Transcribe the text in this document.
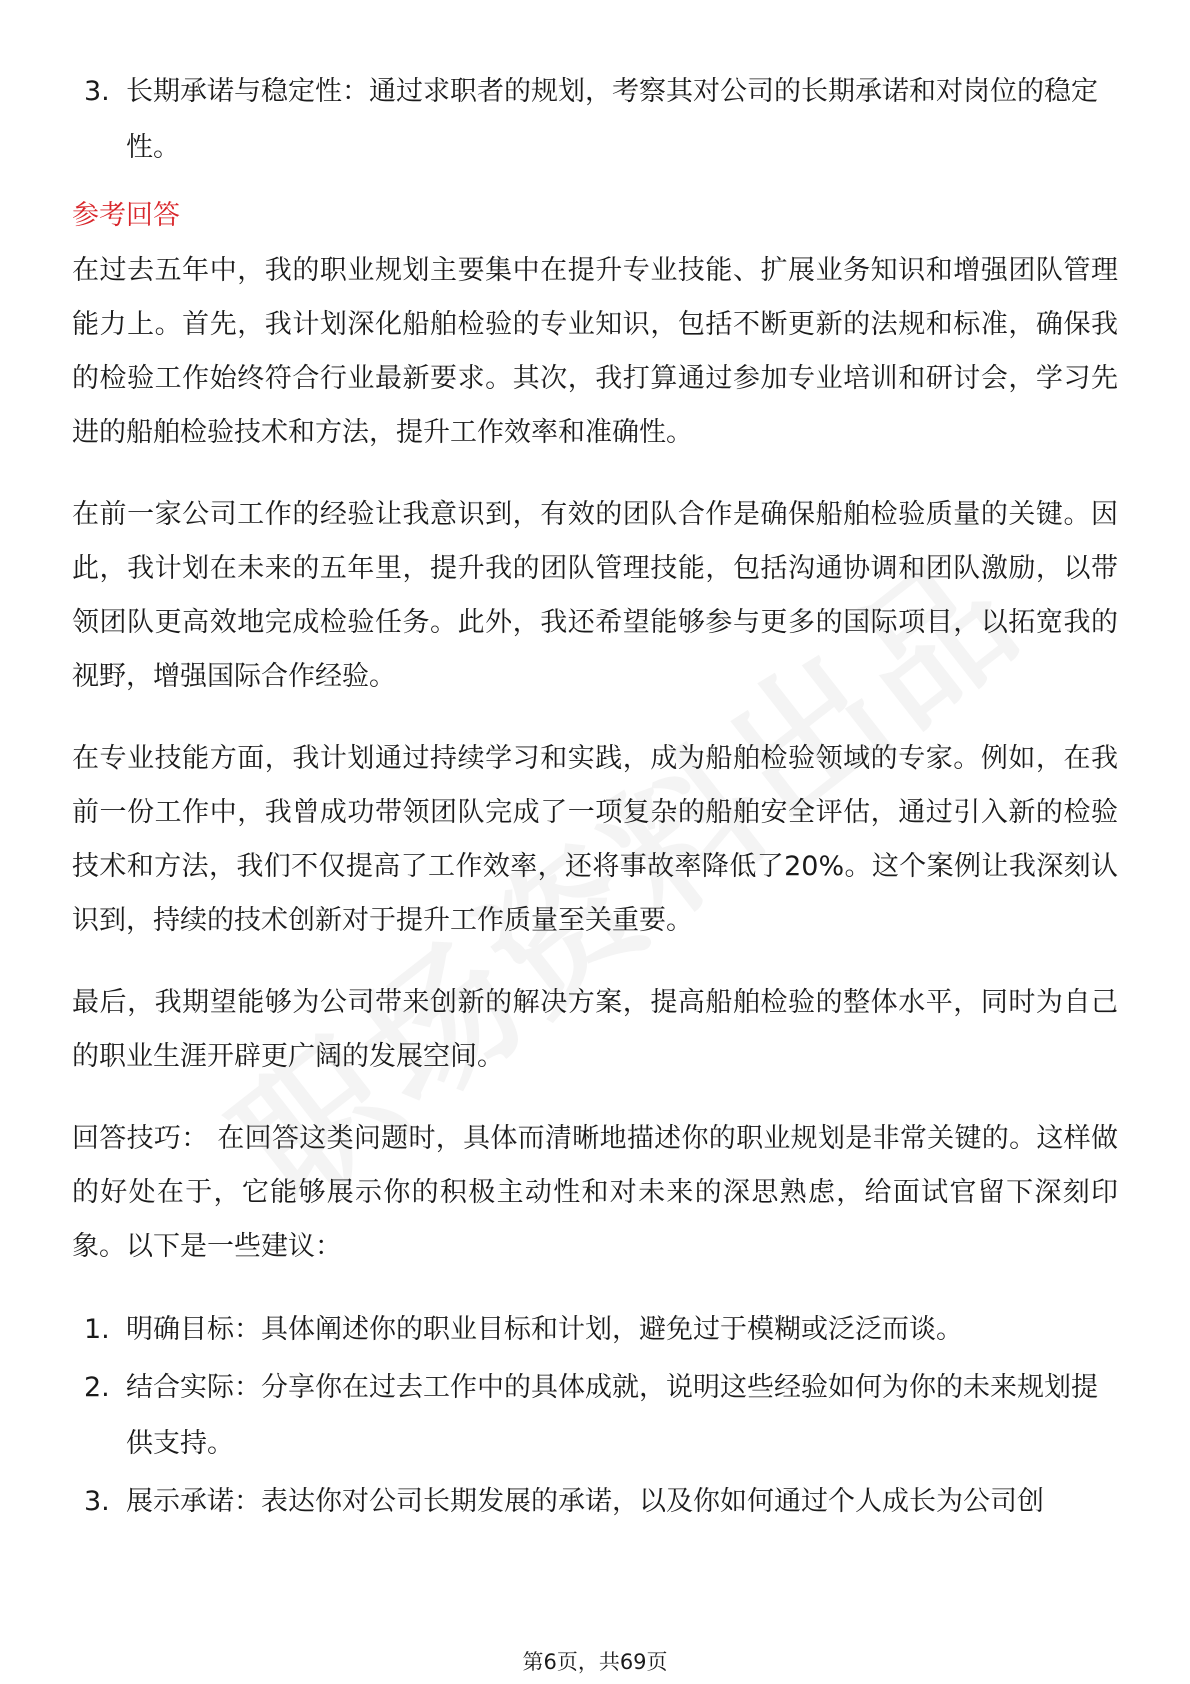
3. 长期承诺与稳定性：通过求职者的规划，考察其对公司的长期承诺和对岗位的稳定性。
参考回答

在过去五年中，我的职业规划主要集中在提升专业技能、扩展业务知识和增强团队管理能力上。首先，我计划深化船舶检验的专业知识，包括不断更新的法规和标准，确保我的检验工作始终符合行业最新要求。其次，我打算通过参加专业培训和研讨会，学习先进的船舶检验技术和方法，提升工作效率和准确性。

在前一家公司工作的经验让我意识到，有效的团队合作是确保船舶检验质量的关键。因此，我计划在未来的五年里，提升我的团队管理技能，包括沟通协调和团队激励，以带领团队更高效地完成检验任务。此外，我还希望能够参与更多的国际项目，以拓宽我的视野，增强国际合作经验。

在专业技能方面，我计划通过持续学习和实践，成为船舶检验领域的专家。例如，在我前一份工作中，我曾成功带领团队完成了一项复杂的船舶安全评估，通过引入新的检验技术和方法，我们不仅提高了工作效率，还将事故率降低了20%。这个案例让我深刻认识到，持续的技术创新对于提升工作质量至关重要。

最后，我期望能够为公司带来创新的解决方案，提高船舶检验的整体水平，同时为自己的职业生涯开辟更广阔的发展空间。

回答技巧： 在回答这类问题时，具体而清晰地描述你的职业规划是非常关键的。这样做的好处在于，它能够展示你的积极主动性和对未来的深思熟虑，给面试官留下深刻印象。以下是一些建议：

1. 明确目标：具体阐述你的职业目标和计划，避免过于模糊或泛泛而谈。
2. 结合实际：分享你在过去工作中的具体成就，说明这些经验如何为你的未来规划提供支持。
3. 展示承诺：表达你对公司长期发展的承诺，以及你如何通过个人成长为公司创
第6页，共69页
